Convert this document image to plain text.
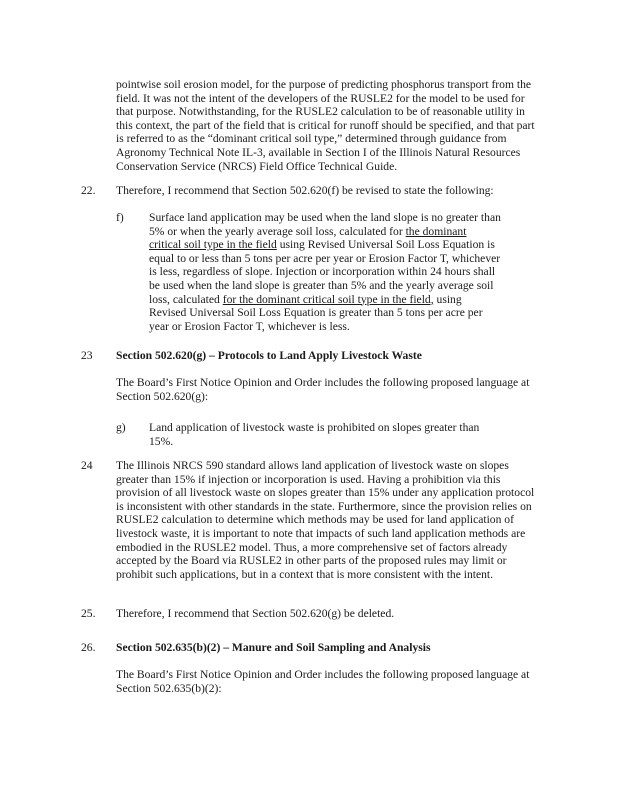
pointwise soil erosion model, for the purpose of predicting phosphorus transport from the field. It was not the intent of the developers of the RUSLE2 for the model to be used for that purpose. Notwithstanding, for the RUSLE2 calculation to be of reasonable utility in this context, the part of the field that is critical for runoff should be specified, and that part is referred to as the “dominant critical soil type,” determined through guidance from Agronomy Technical Note IL-3, available in Section I of the Illinois Natural Resources Conservation Service (NRCS) Field Office Technical Guide.

22. Therefore, I recommend that Section 502.620(f) be revised to state the following:

f) Surface land application may be used when the land slope is no greater than 5% or when the yearly average soil loss, calculated for the dominant critical soil type in the field using Revised Universal Soil Loss Equation is equal to or less than 5 tons per acre per year or Erosion Factor T, whichever is less, regardless of slope. Injection or incorporation within 24 hours shall be used when the land slope is greater than 5% and the yearly average soil loss, calculated for the dominant critical soil type in the field, using Revised Universal Soil Loss Equation is greater than 5 tons per acre per year or Erosion Factor T, whichever is less.

23 Section 502.620(g) – Protocols to Land Apply Livestock Waste

The Board’s First Notice Opinion and Order includes the following proposed language at Section 502.620(g):

g) Land application of livestock waste is prohibited on slopes greater than 15%.

24 The Illinois NRCS 590 standard allows land application of livestock waste on slopes greater than 15% if injection or incorporation is used. Having a prohibition via this provision of all livestock waste on slopes greater than 15% under any application protocol is inconsistent with other standards in the state. Furthermore, since the provision relies on RUSLE2 calculation to determine which methods may be used for land application of livestock waste, it is important to note that impacts of such land application methods are embodied in the RUSLE2 model. Thus, a more comprehensive set of factors already accepted by the Board via RUSLE2 in other parts of the proposed rules may limit or prohibit such applications, but in a context that is more consistent with the intent.

25. Therefore, I recommend that Section 502.620(g) be deleted.

26. Section 502.635(b)(2) – Manure and Soil Sampling and Analysis

The Board’s First Notice Opinion and Order includes the following proposed language at Section 502.635(b)(2):
